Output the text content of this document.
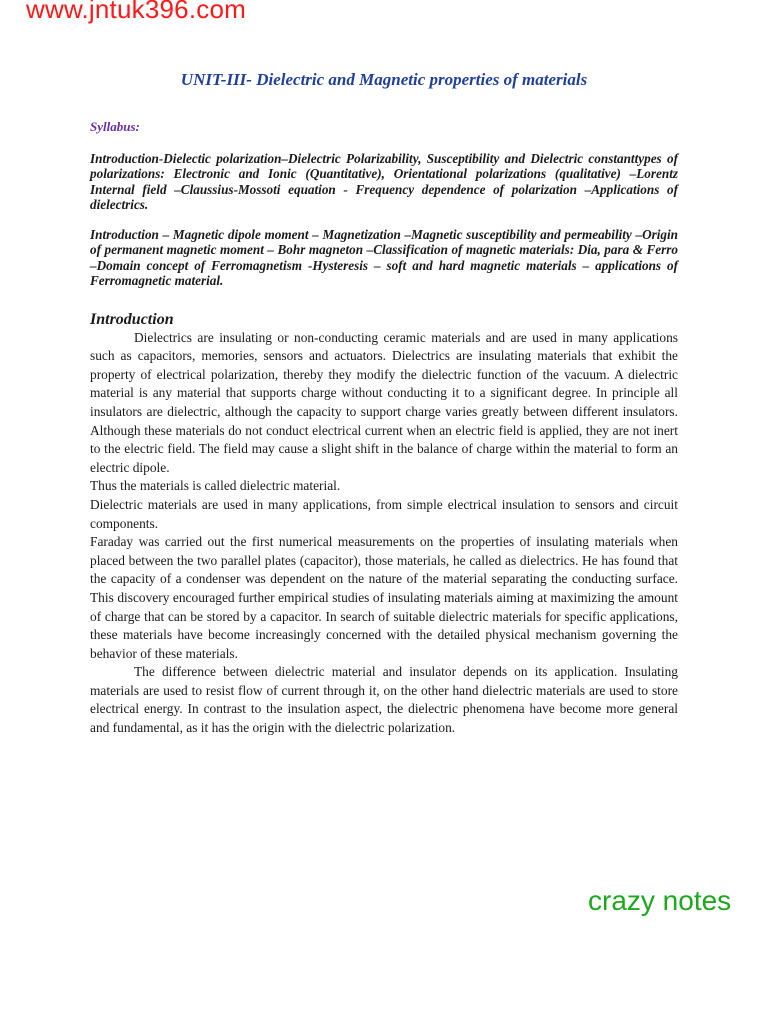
www.jntuk396.com
UNIT-III- Dielectric and Magnetic properties of materials
Syllabus:

Introduction-Dielectic polarization–Dielectric Polarizability, Susceptibility and Dielectric constanttypes of polarizations: Electronic and Ionic (Quantitative), Orientational polarizations (qualitative) –Lorentz Internal field –Claussius-Mossoti equation - Frequency dependence of polarization –Applications of dielectrics.

Introduction – Magnetic dipole moment – Magnetization –Magnetic susceptibility and permeability –Origin of permanent magnetic moment – Bohr magneton –Classification of magnetic materials: Dia, para & Ferro –Domain concept of Ferromagnetism -Hysteresis – soft and hard magnetic materials – applications of Ferromagnetic material.

Introduction

Dielectrics are insulating or non-conducting ceramic materials and are used in many applications such as capacitors, memories, sensors and actuators. Dielectrics are insulating materials that exhibit the property of electrical polarization, thereby they modify the dielectric function of the vacuum. A dielectric material is any material that supports charge without conducting it to a significant degree. In principle all insulators are dielectric, although the capacity to support charge varies greatly between different insulators. Although these materials do not conduct electrical current when an electric field is applied, they are not inert to the electric field. The field may cause a slight shift in the balance of charge within the material to form an electric dipole.

Thus the materials is called dielectric material.

Dielectric materials are used in many applications, from simple electrical insulation to sensors and circuit components.

Faraday was carried out the first numerical measurements on the properties of insulating materials when placed between the two parallel plates (capacitor), those materials, he called as dielectrics. He has found that the capacity of a condenser was dependent on the nature of the material separating the conducting surface. This discovery encouraged further empirical studies of insulating materials aiming at maximizing the amount of charge that can be stored by a capacitor. In search of suitable dielectric materials for specific applications, these materials have become increasingly concerned with the detailed physical mechanism governing the behavior of these materials.

The difference between dielectric material and insulator depends on its application. Insulating materials are used to resist flow of current through it, on the other hand dielectric materials are used to store electrical energy. In contrast to the insulation aspect, the dielectric phenomena have become more general and fundamental, as it has the origin with the dielectric polarization.

crazy notes
